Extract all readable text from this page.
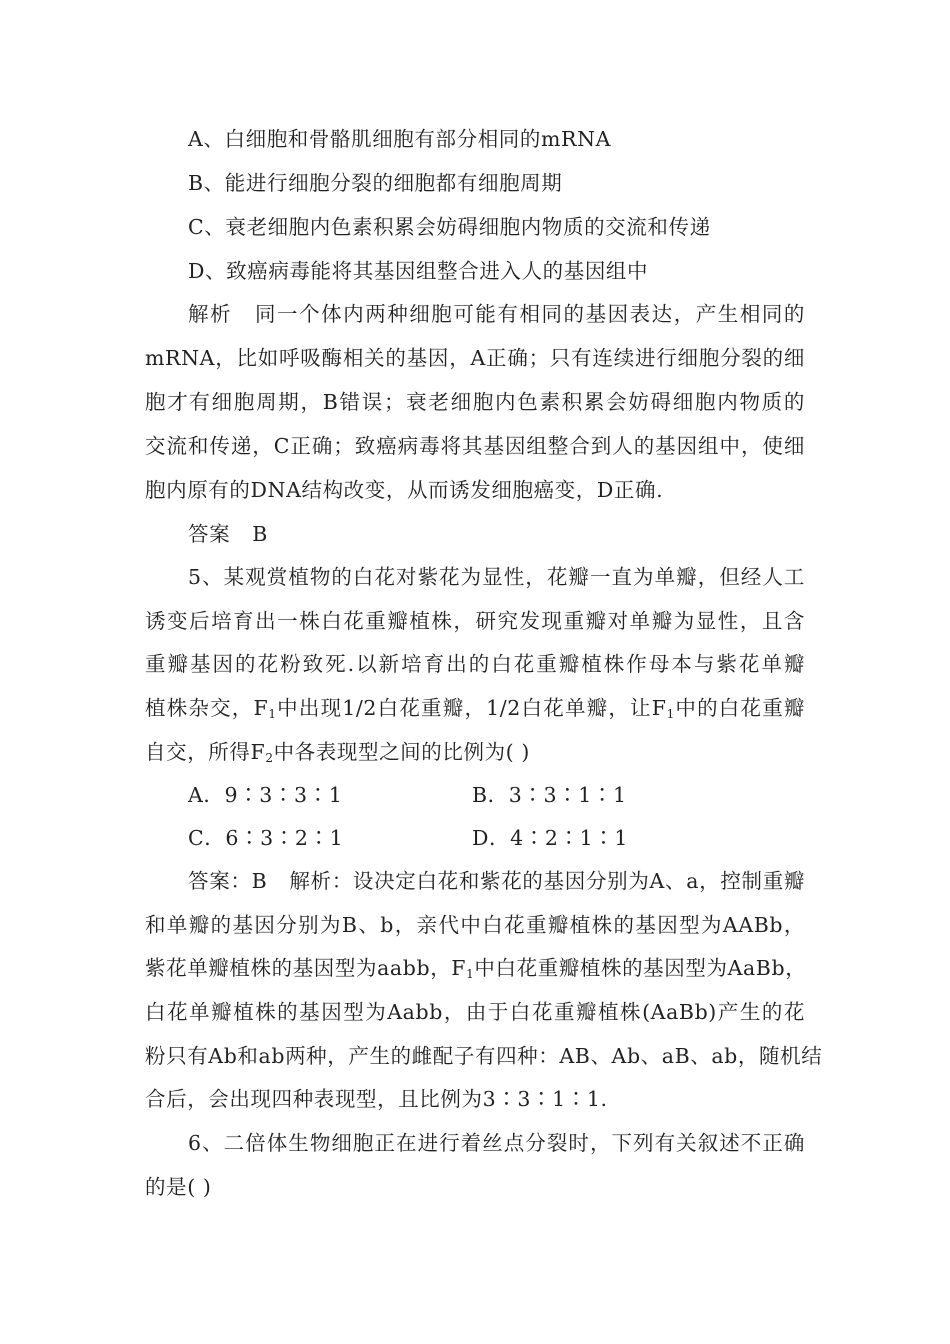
A、白细胞和骨骼肌细胞有部分相同的mRNA
B、能进行细胞分裂的细胞都有细胞周期
C、衰老细胞内色素积累会妨碍细胞内物质的交流和传递
D、致癌病毒能将其基因组整合进入人的基因组中
解析 同一个体内两种细胞可能有相同的基因表达，产生相同的
mRNA，比如呼吸酶相关的基因，A正确；只有连续进行细胞分裂的细
胞才有细胞周期，B错误；衰老细胞内色素积累会妨碍细胞内物质的
交流和传递，C正确；致癌病毒将其基因组整合到人的基因组中，使细
胞内原有的DNA结构改变，从而诱发细胞癌变，D正确.
答案 B
5、某观赏植物的白花对紫花为显性，花瓣一直为单瓣，但经人工
诱变后培育出一株白花重瓣植株，研究发现重瓣对单瓣为显性，且含
重瓣基因的花粉致死.以新培育出的白花重瓣植株作母本与紫花单瓣
植株杂交，$F_1$中出现1/2白花重瓣，1/2白花单瓣，让$F_1$中的白花重瓣
自交，所得$F_2$中各表现型之间的比例为( )
A．9∶3∶3∶1	B．3∶3∶1∶1
C．6∶3∶2∶1	D．4∶2∶1∶1
答案：B 解析：设决定白花和紫花的基因分别为A、a，控制重瓣
和单瓣的基因分别为B、b，亲代中白花重瓣植株的基因型为AABb，
紫花单瓣植株的基因型为aabb，$F_1$中白花重瓣植株的基因型为AaBb，
白花单瓣植株的基因型为Aabb，由于白花重瓣植株(AaBb)产生的花
粉只有Ab和ab两种，产生的雌配子有四种：AB、Ab、aB、ab，随机结
合后，会出现四种表现型，且比例为3∶3∶1∶1.
6、二倍体生物细胞正在进行着丝点分裂时，下列有关叙述不正确
的是( )
